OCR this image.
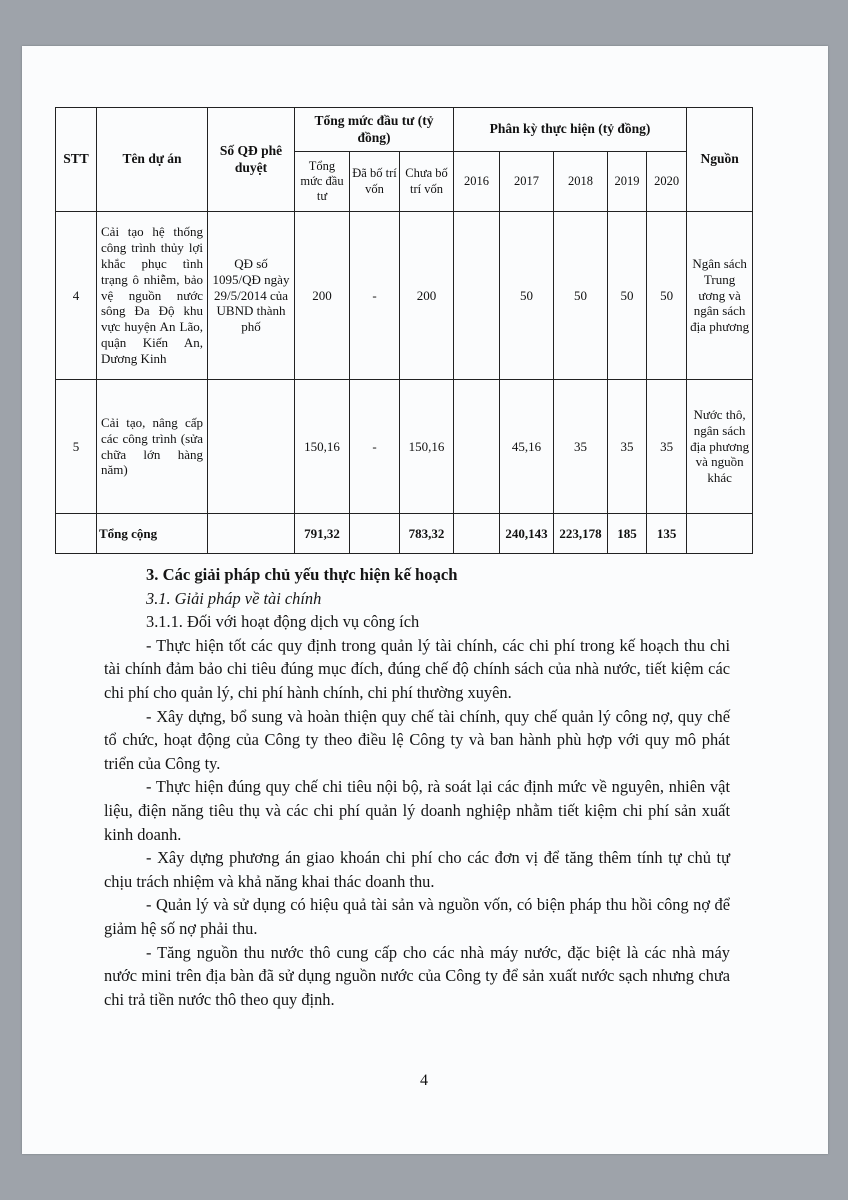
STT	Tên dự án	Số QĐ phê duyệt	Tổng mức đầu tư (tỷ đồng)			Phân kỳ thực hiện (tỷ đồng)					Nguồn
			Tổng mức đầu tư	Đã bố trí vốn	Chưa bố trí vốn	2016	2017	2018	2019	2020	
4	Cải tạo hệ thống công trình thủy lợi khắc phục tình trạng ô nhiễm, bảo vệ nguồn nước sông Đa Độ khu vực huyện An Lão, quận Kiến An, Dương Kinh	QĐ số 1095/QĐ ngày 29/5/2014 của UBND thành phố	200	-	200		50	50	50	50	Ngân sách Trung ương và ngân sách địa phương
5	Cải tạo, nâng cấp các công trình (sửa chữa lớn hàng năm)		150,16	-	150,16		45,16	35	35	35	Nước thô, ngân sách địa phương và nguồn khác
	Tổng cộng		791,32		783,32		240,143	223,178	185	135	

3. Các giải pháp chủ yếu thực hiện kế hoạch

3.1. Giải pháp về tài chính

3.1.1. Đối với hoạt động dịch vụ công ích

- Thực hiện tốt các quy định trong quản lý tài chính, các chi phí trong kế hoạch thu chi tài chính đảm bảo chi tiêu đúng mục đích, đúng chế độ chính sách của nhà nước, tiết kiệm các chi phí cho quản lý, chi phí hành chính, chi phí thường xuyên.

- Xây dựng, bổ sung và hoàn thiện quy chế tài chính, quy chế quản lý công nợ, quy chế tổ chức, hoạt động của Công ty theo điều lệ Công ty và ban hành phù hợp với quy mô phát triển của Công ty.

- Thực hiện đúng quy chế chi tiêu nội bộ, rà soát lại các định mức về nguyên, nhiên vật liệu, điện năng tiêu thụ và các chi phí quản lý doanh nghiệp nhằm tiết kiệm chi phí sản xuất kinh doanh.

- Xây dựng phương án giao khoán chi phí cho các đơn vị để tăng thêm tính tự chủ tự chịu trách nhiệm và khả năng khai thác doanh thu.

- Quản lý và sử dụng có hiệu quả tài sản và nguồn vốn, có biện pháp thu hồi công nợ để giảm hệ số nợ phải thu.

- Tăng nguồn thu nước thô cung cấp cho các nhà máy nước, đặc biệt là các nhà máy nước mini trên địa bàn đã sử dụng nguồn nước của Công ty để sản xuất nước sạch nhưng chưa chi trả tiền nước thô theo quy định.

4
